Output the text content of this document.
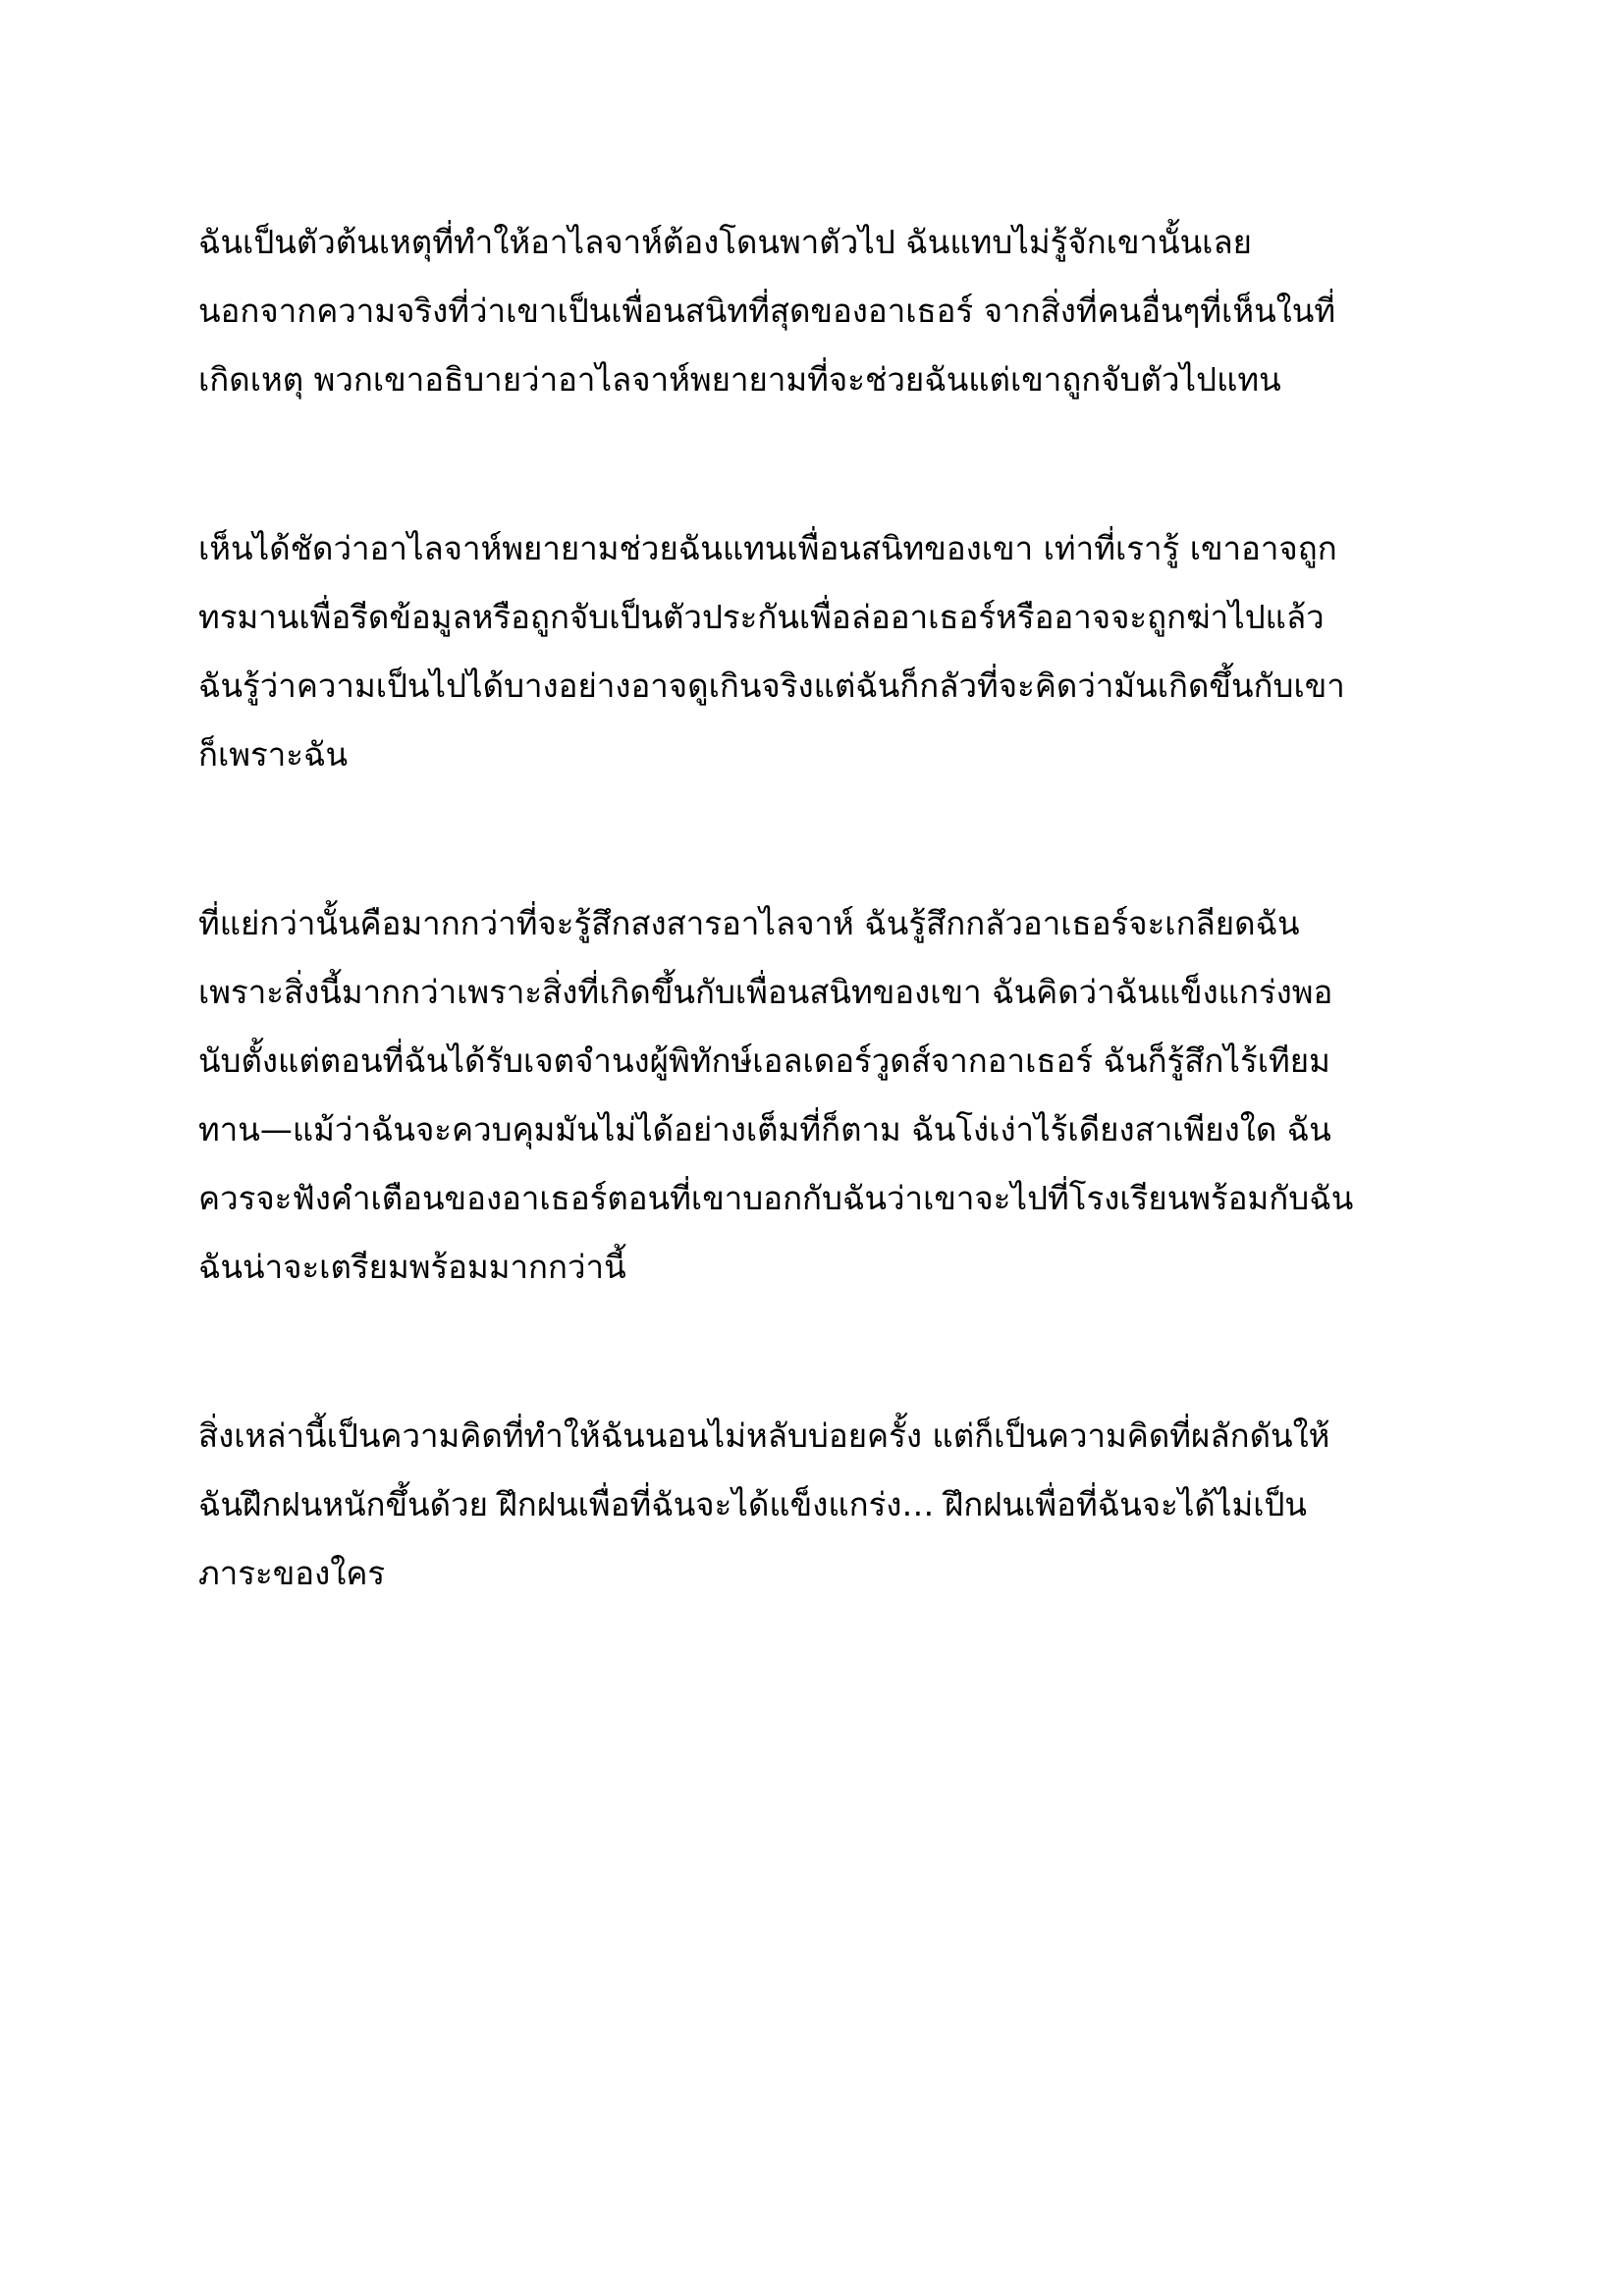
ฉันเป็นตัวต้นเหตุที่ทำให้อาไลจาห์ต้องโดนพาตัวไป ฉันแทบไม่รู้จักเขานั้นเลย
นอกจากความจริงที่ว่าเขาเป็นเพื่อนสนิทที่สุดของอาเธอร์ จากสิ่งที่คนอื่นๆที่เห็นในที่
เกิดเหตุ พวกเขาอธิบายว่าอาไลจาห์พยายามที่จะช่วยฉันแต่เขาถูกจับตัวไปแทน

เห็นได้ชัดว่าอาไลจาห์พยายามช่วยฉันแทนเพื่อนสนิทของเขา เท่าที่เรารู้ เขาอาจถูก
ทรมานเพื่อรีดข้อมูลหรือถูกจับเป็นตัวประกันเพื่อล่ออาเธอร์หรืออาจจะถูกฆ่าไปแล้ว
ฉันรู้ว่าความเป็นไปได้บางอย่างอาจดูเกินจริงแต่ฉันก็กลัวที่จะคิดว่ามันเกิดขึ้นกับเขา
ก็เพราะฉัน

ที่แย่กว่านั้นคือมากกว่าที่จะรู้สึกสงสารอาไลจาห์ ฉันรู้สึกกลัวอาเธอร์จะเกลียดฉัน
เพราะสิ่งนี้มากกว่าเพราะสิ่งที่เกิดขึ้นกับเพื่อนสนิทของเขา ฉันคิดว่าฉันแข็งแกร่งพอ
นับตั้งแต่ตอนที่ฉันได้รับเจตจำนงผู้พิทักษ์เอลเดอร์วูดส์จากอาเธอร์ ฉันก็รู้สึกไร้เทียม
ทาน—แม้ว่าฉันจะควบคุมมันไม่ได้อย่างเต็มที่ก็ตาม ฉันโง่เง่าไร้เดียงสาเพียงใด ฉัน
ควรจะฟังคำเตือนของอาเธอร์ตอนที่เขาบอกกับฉันว่าเขาจะไปที่โรงเรียนพร้อมกับฉัน
ฉันน่าจะเตรียมพร้อมมากกว่านี้

สิ่งเหล่านี้เป็นความคิดที่ทำให้ฉันนอนไม่หลับบ่อยครั้ง แต่ก็เป็นความคิดที่ผลักดันให้
ฉันฝึกฝนหนักขึ้นด้วย ฝึกฝนเพื่อที่ฉันจะได้แข็งแกร่ง… ฝึกฝนเพื่อที่ฉันจะได้ไม่เป็น
ภาระของใคร
